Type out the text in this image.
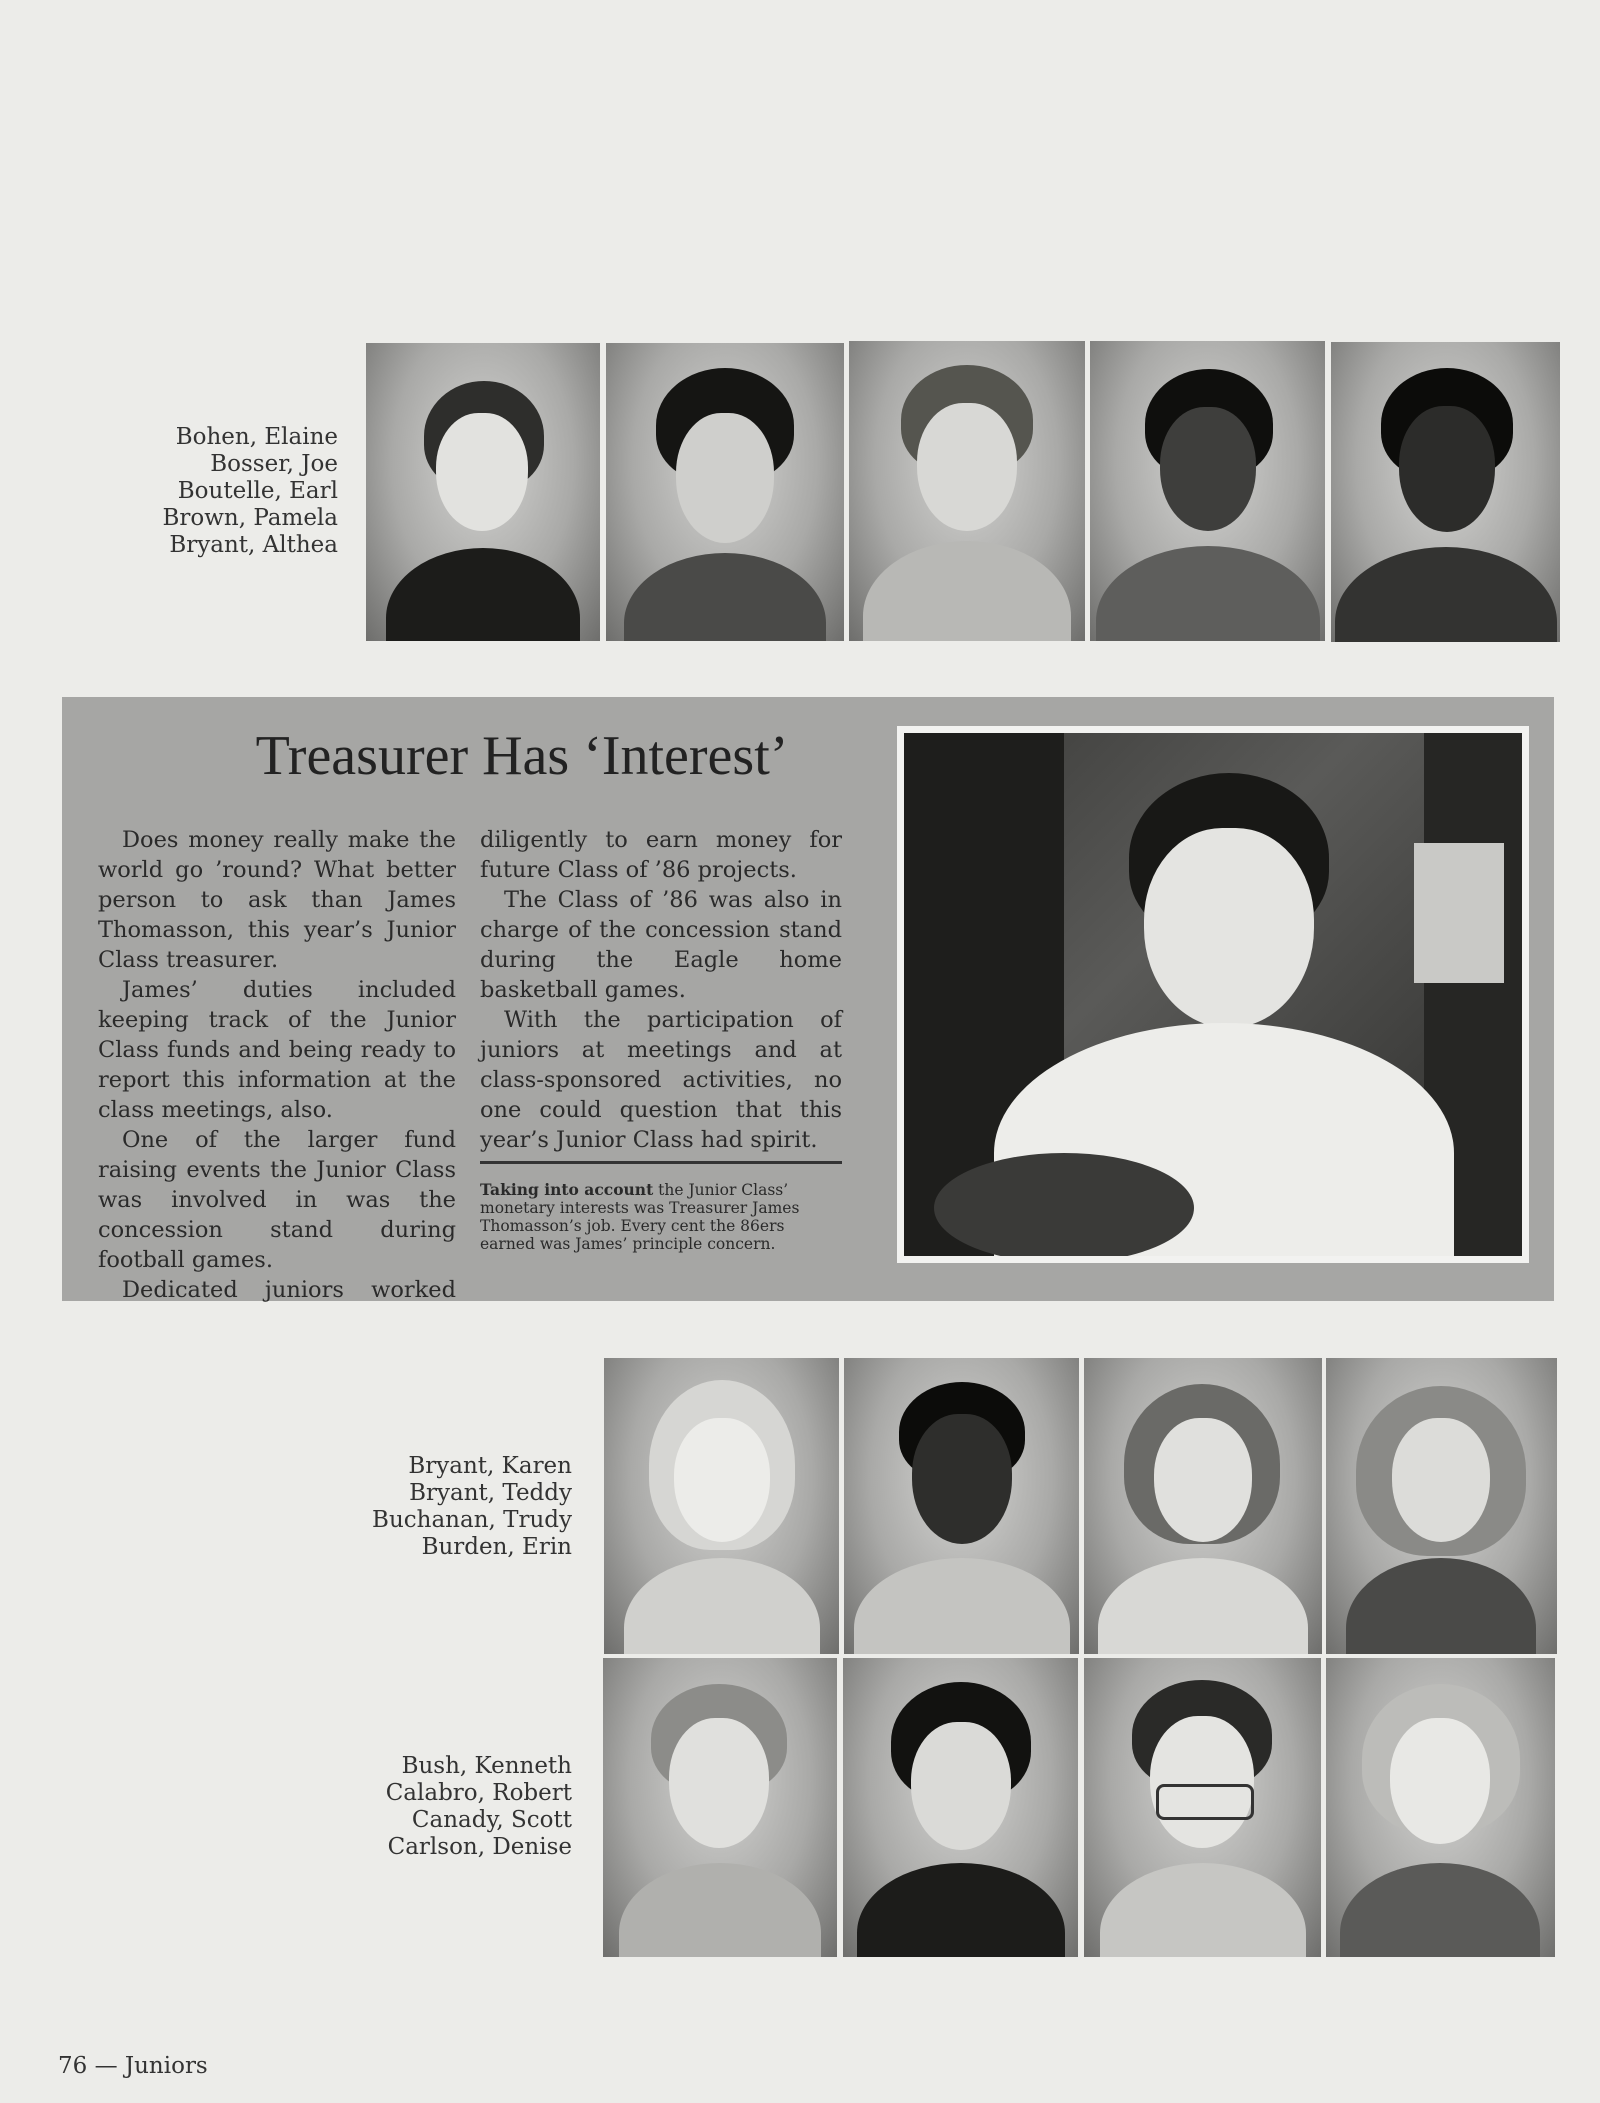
Bohen, Elaine
Bosser, Joe
Boutelle, Earl
Brown, Pamela
Bryant, Althea
Treasurer Has ‘Interest’

Does money really make the world go ’round? What better person to ask than James Thomasson, this year’s Junior Class treasurer.

James’ duties included keeping track of the Junior Class funds and being ready to report this information at the class meetings, also.

One of the larger fund raising events the Junior Class was involved in was the concession stand during football games.

Dedicated juniors worked

diligently to earn money for future Class of ’86 projects.

The Class of ’86 was also in charge of the concession stand during the Eagle home basketball games.

With the participation of juniors at meetings and at class-sponsored activities, no one could question that this year’s Junior Class had spirit.

Taking into account the Junior Class’ monetary interests was Treasurer James Thomasson’s job. Every cent the 86ers earned was James’ principle concern.
Bryant, Karen
Bryant, Teddy
Buchanan, Trudy
Burden, Erin
Bush, Kenneth
Calabro, Robert
Canady, Scott
Carlson, Denise
76 — Juniors
